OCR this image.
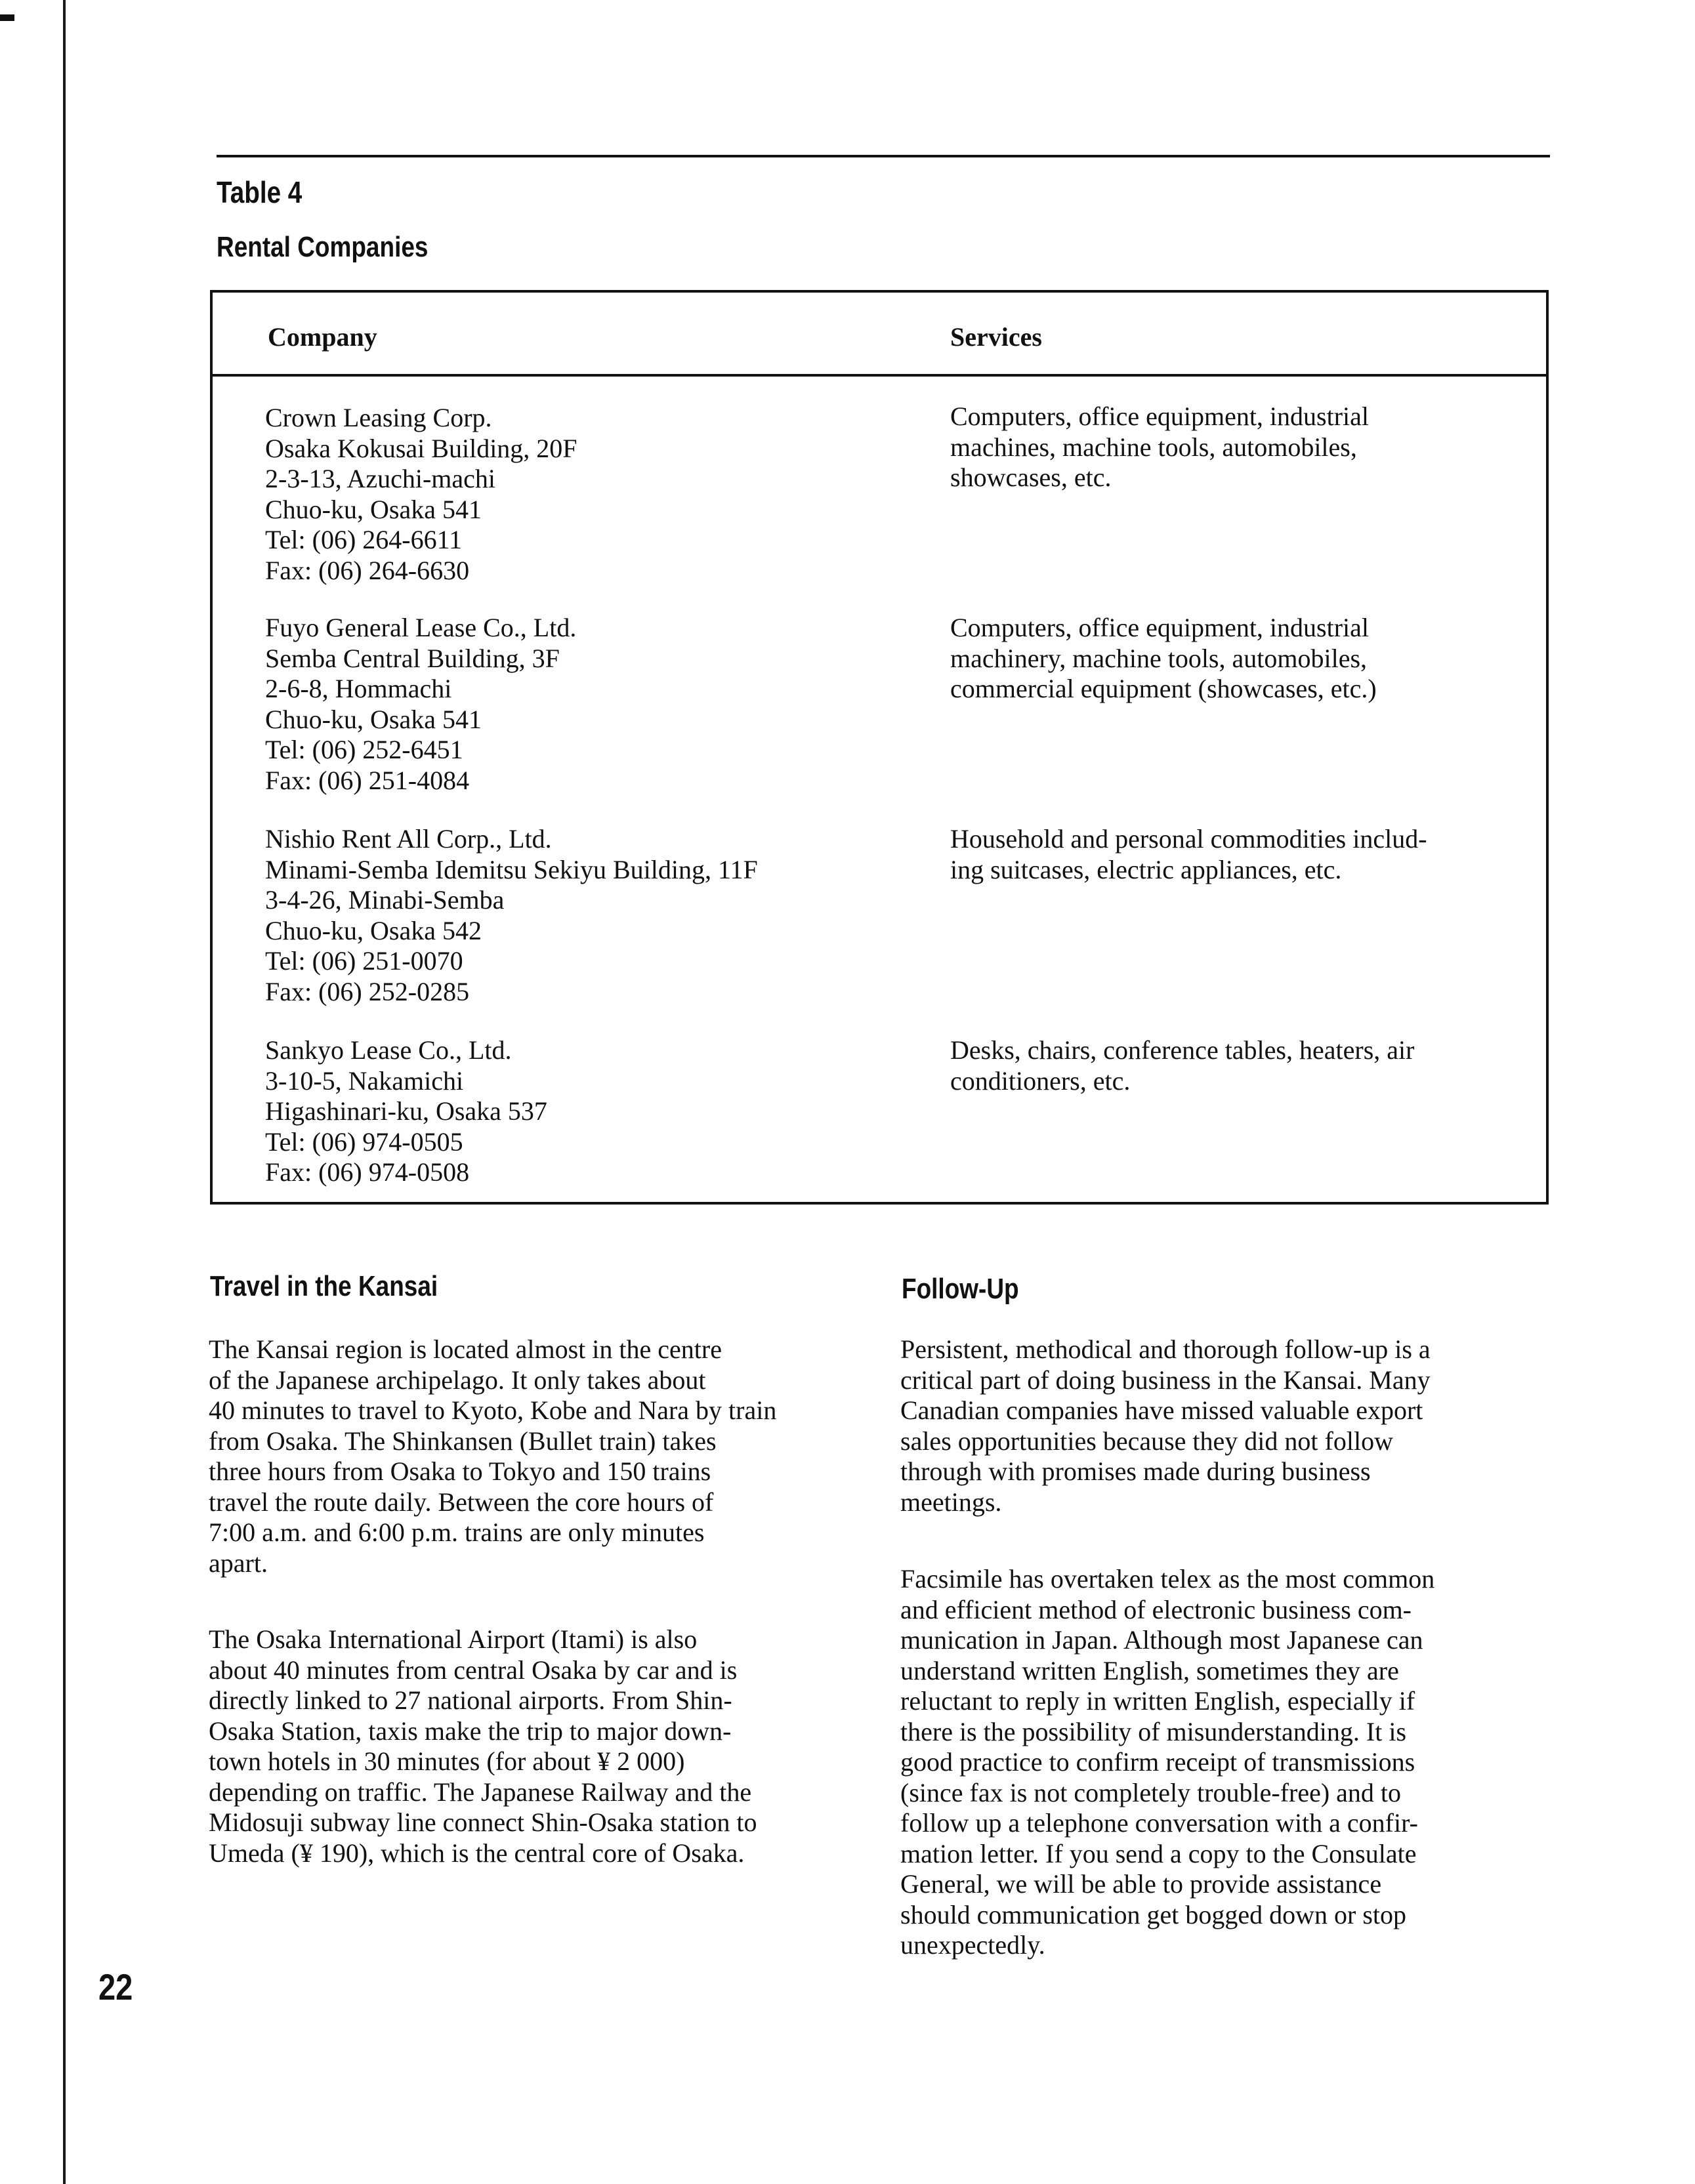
Table 4
Rental Companies
Company	Services
Crown Leasing Corp.
Osaka Kokusai Building, 20F
2-3-13, Azuchi-machi
Chuo-ku, Osaka 541
Tel: (06) 264-6611
Fax: (06) 264-6630
Computers, office equipment, industrial
machines, machine tools, automobiles,
showcases, etc.
Fuyo General Lease Co., Ltd.
Semba Central Building, 3F
2-6-8, Hommachi
Chuo-ku, Osaka 541
Tel: (06) 252-6451
Fax: (06) 251-4084
Computers, office equipment, industrial
machinery, machine tools, automobiles,
commercial equipment (showcases, etc.)
Nishio Rent All Corp., Ltd.
Minami-Semba Idemitsu Sekiyu Building, 11F
3-4-26, Minabi-Semba
Chuo-ku, Osaka 542
Tel: (06) 251-0070
Fax: (06) 252-0285
Household and personal commodities includ-
ing suitcases, electric appliances, etc.
Sankyo Lease Co., Ltd.
3-10-5, Nakamichi
Higashinari-ku, Osaka 537
Tel: (06) 974-0505
Fax: (06) 974-0508
Desks, chairs, conference tables, heaters, air
conditioners, etc.
Travel in the Kansai
The Kansai region is located almost in the centre
of the Japanese archipelago. It only takes about
40 minutes to travel to Kyoto, Kobe and Nara by train
from Osaka. The Shinkansen (Bullet train) takes
three hours from Osaka to Tokyo and 150 trains
travel the route daily. Between the core hours of
7:00 a.m. and 6:00 p.m. trains are only minutes
apart.
The Osaka International Airport (Itami) is also
about 40 minutes from central Osaka by car and is
directly linked to 27 national airports. From Shin-
Osaka Station, taxis make the trip to major down-
town hotels in 30 minutes (for about ¥ 2 000)
depending on traffic. The Japanese Railway and the
Midosuji subway line connect Shin-Osaka station to
Umeda (¥ 190), which is the central core of Osaka.
Follow-Up
Persistent, methodical and thorough follow-up is a
critical part of doing business in the Kansai. Many
Canadian companies have missed valuable export
sales opportunities because they did not follow
through with promises made during business
meetings.
Facsimile has overtaken telex as the most common
and efficient method of electronic business com-
munication in Japan. Although most Japanese can
understand written English, sometimes they are
reluctant to reply in written English, especially if
there is the possibility of misunderstanding. It is
good practice to confirm receipt of transmissions
(since fax is not completely trouble-free) and to
follow up a telephone conversation with a confir-
mation letter. If you send a copy to the Consulate
General, we will be able to provide assistance
should communication get bogged down or stop
unexpectedly.
22
